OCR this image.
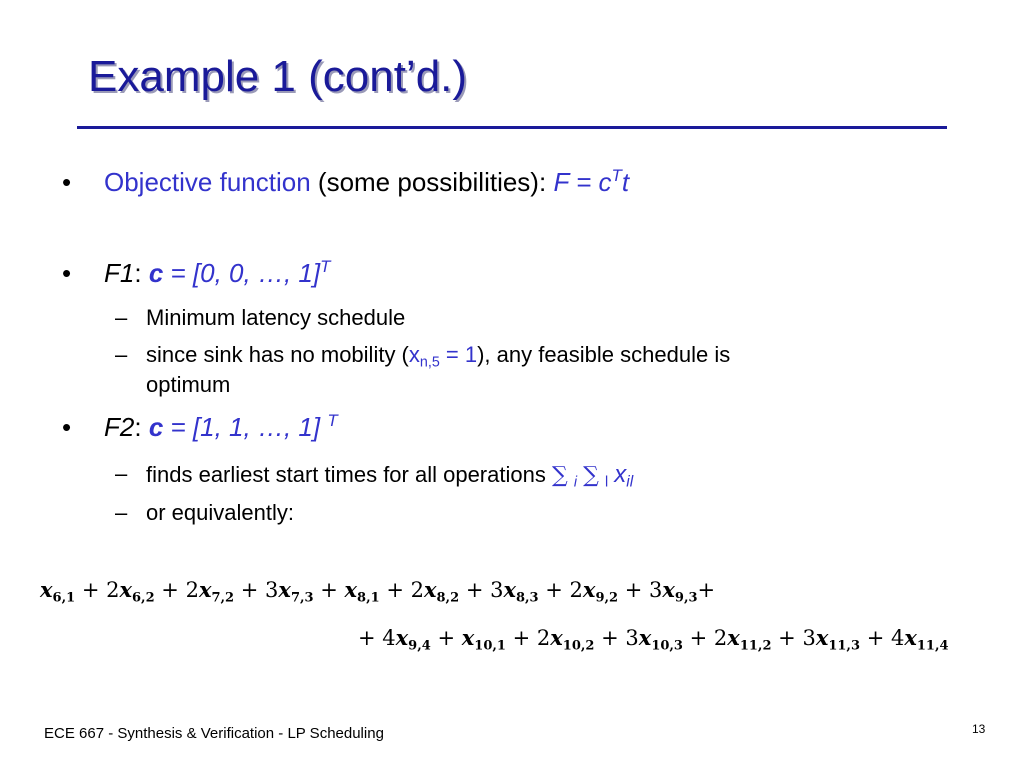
Example 1 (cont’d.)
• Objective function (some possibilities): $F = c^Tt$
• F1: c = [0, 0, …, 1]$^T$
– Minimum latency schedule
– since sink has no mobility $(x_{n,5} = 1)$, any feasible schedule is
optimum
• F2: c = [1, 1, …, 1] $^T$
– finds earliest start times for all operations ∑ $_i$ ∑ $_l$ $x_{il}$
– or equivalently:
$x_{6,1} + 2x_{6,2} + 2x_{7,2} + 3x_{7,3} + x_{8,1} + 2x_{8,2} + 3x_{8,3} + 2x_{9,2} + 3x_{9,3}+$
+ $4x_{9,4} + x_{10,1} + 2x_{10,2} + 3x_{10,3} + 2x_{11,2} + 3x_{11,3} + 4x_{11,4}$
ECE 667 - Synthesis & Verification - LP Scheduling	13
